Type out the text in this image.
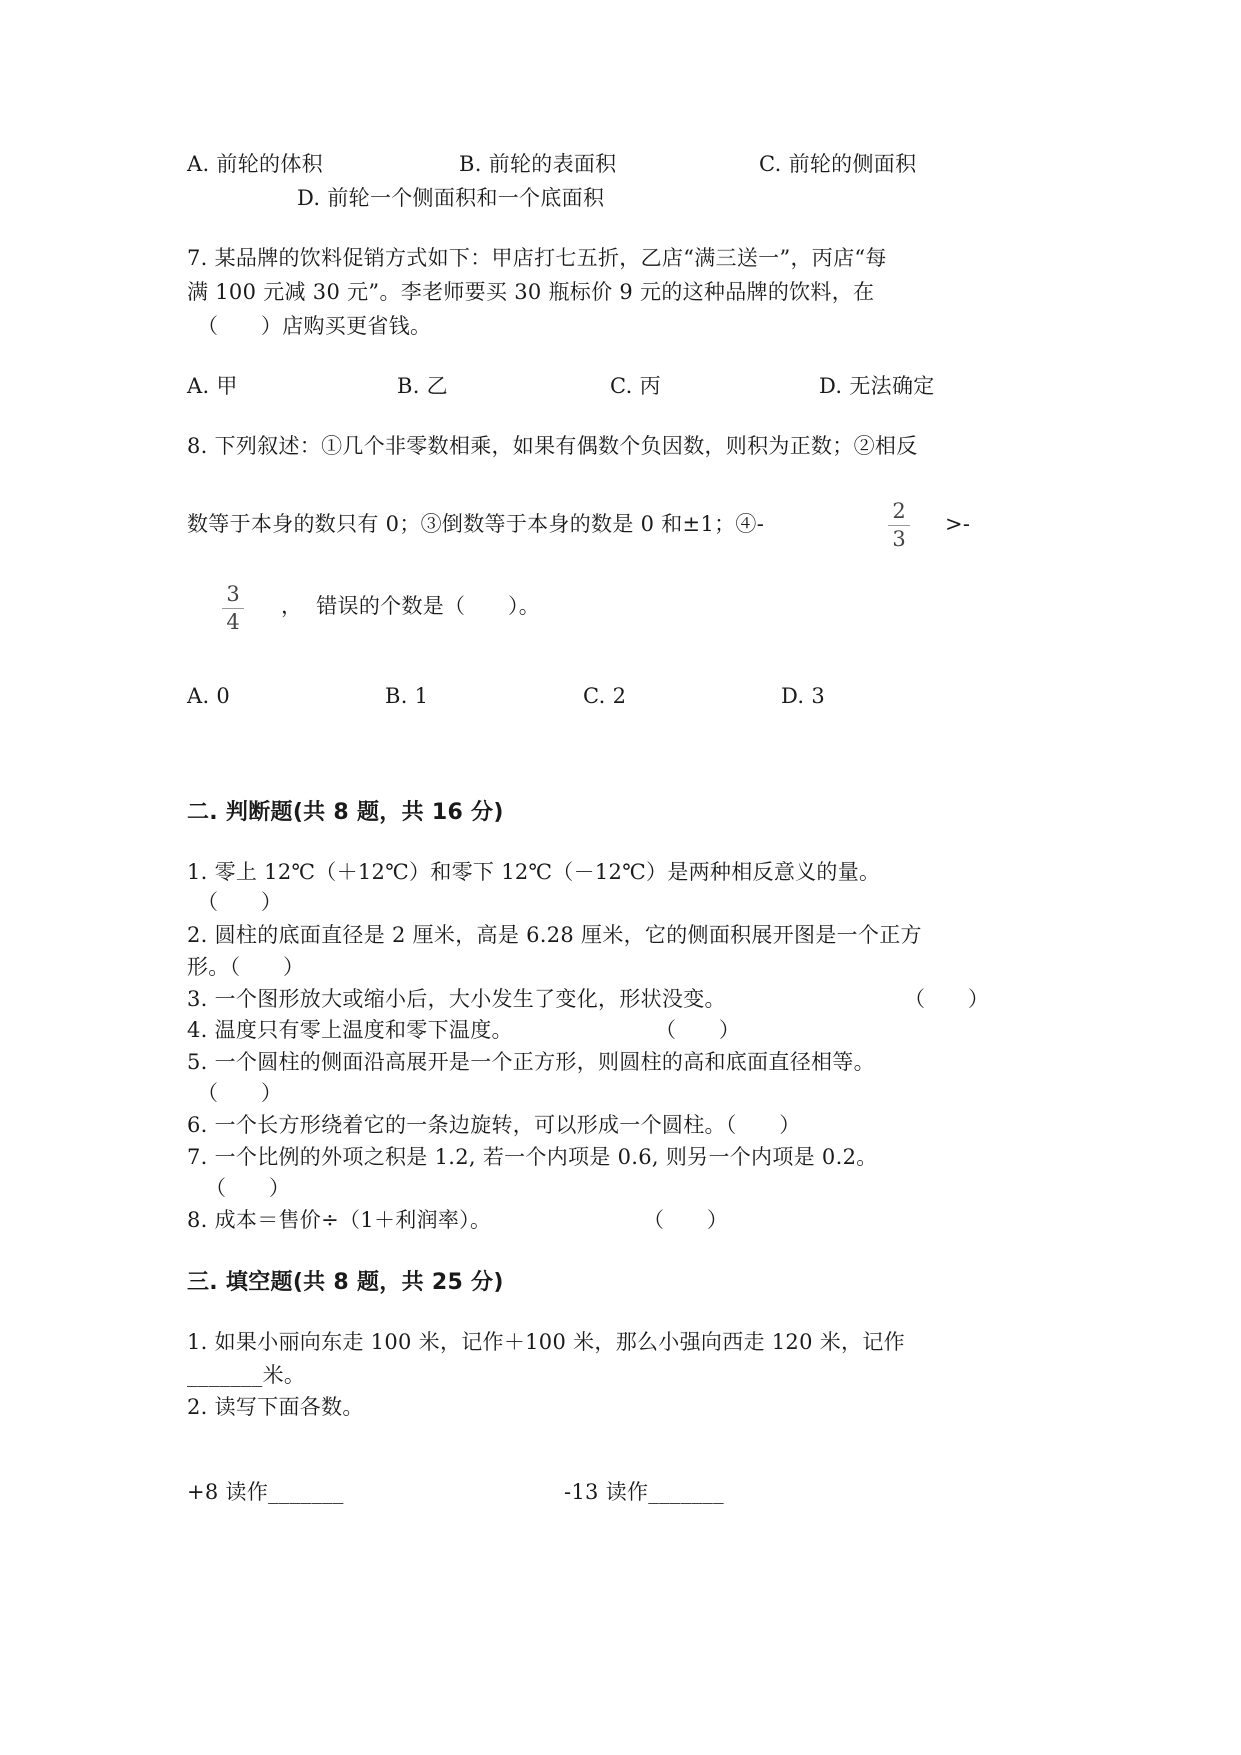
A. 前轮的体积	B. 前轮的表面积	C. 前轮的侧面积
D. 前轮一个侧面积和一个底面积
7. 某品牌的饮料促销方式如下：甲店打七五折，乙店“满三送一”，丙店“每
满 100 元减 30 元”。李老师要买 30 瓶标价 9 元的这种品牌的饮料，在
（　　）店购买更省钱。
A. 甲	B. 乙	C. 丙	D. 无法确定
8. 下列叙述：①几个非零数相乘，如果有偶数个负因数，则积为正数；②相反
数等于本身的数只有 0；③倒数等于本身的数是 0 和±1；④-
2
3
>-
3
4
，  错误的个数是（　　）。
A. 0	B. 1	C. 2	D. 3
二. 判断题(共 8 题，共 16 分)
1. 零上 12℃（＋12℃）和零下 12℃（－12℃）是两种相反意义的量。
（　　）
2. 圆柱的底面直径是 2 厘米，高是 6.28 厘米，它的侧面积展开图是一个正方
形。（　　）
3. 一个图形放大或缩小后，大小发生了变化，形状没变。	（　　）
4. 温度只有零上温度和零下温度。	（　　）
5. 一个圆柱的侧面沿高展开是一个正方形，则圆柱的高和底面直径相等。
（　　）
6. 一个长方形绕着它的一条边旋转，可以形成一个圆柱。（　　）
7. 一个比例的外项之积是 1.2, 若一个内项是 0.6, 则另一个内项是 0.2。
（　　）
8. 成本＝售价÷（1＋利润率）。	（　　）
三. 填空题(共 8 题，共 25 分)
1. 如果小丽向东走 100 米，记作＋100 米，那么小强向西走 120 米，记作
_______米。
2. 读写下面各数。
+8 读作_______	-13 读作_______
